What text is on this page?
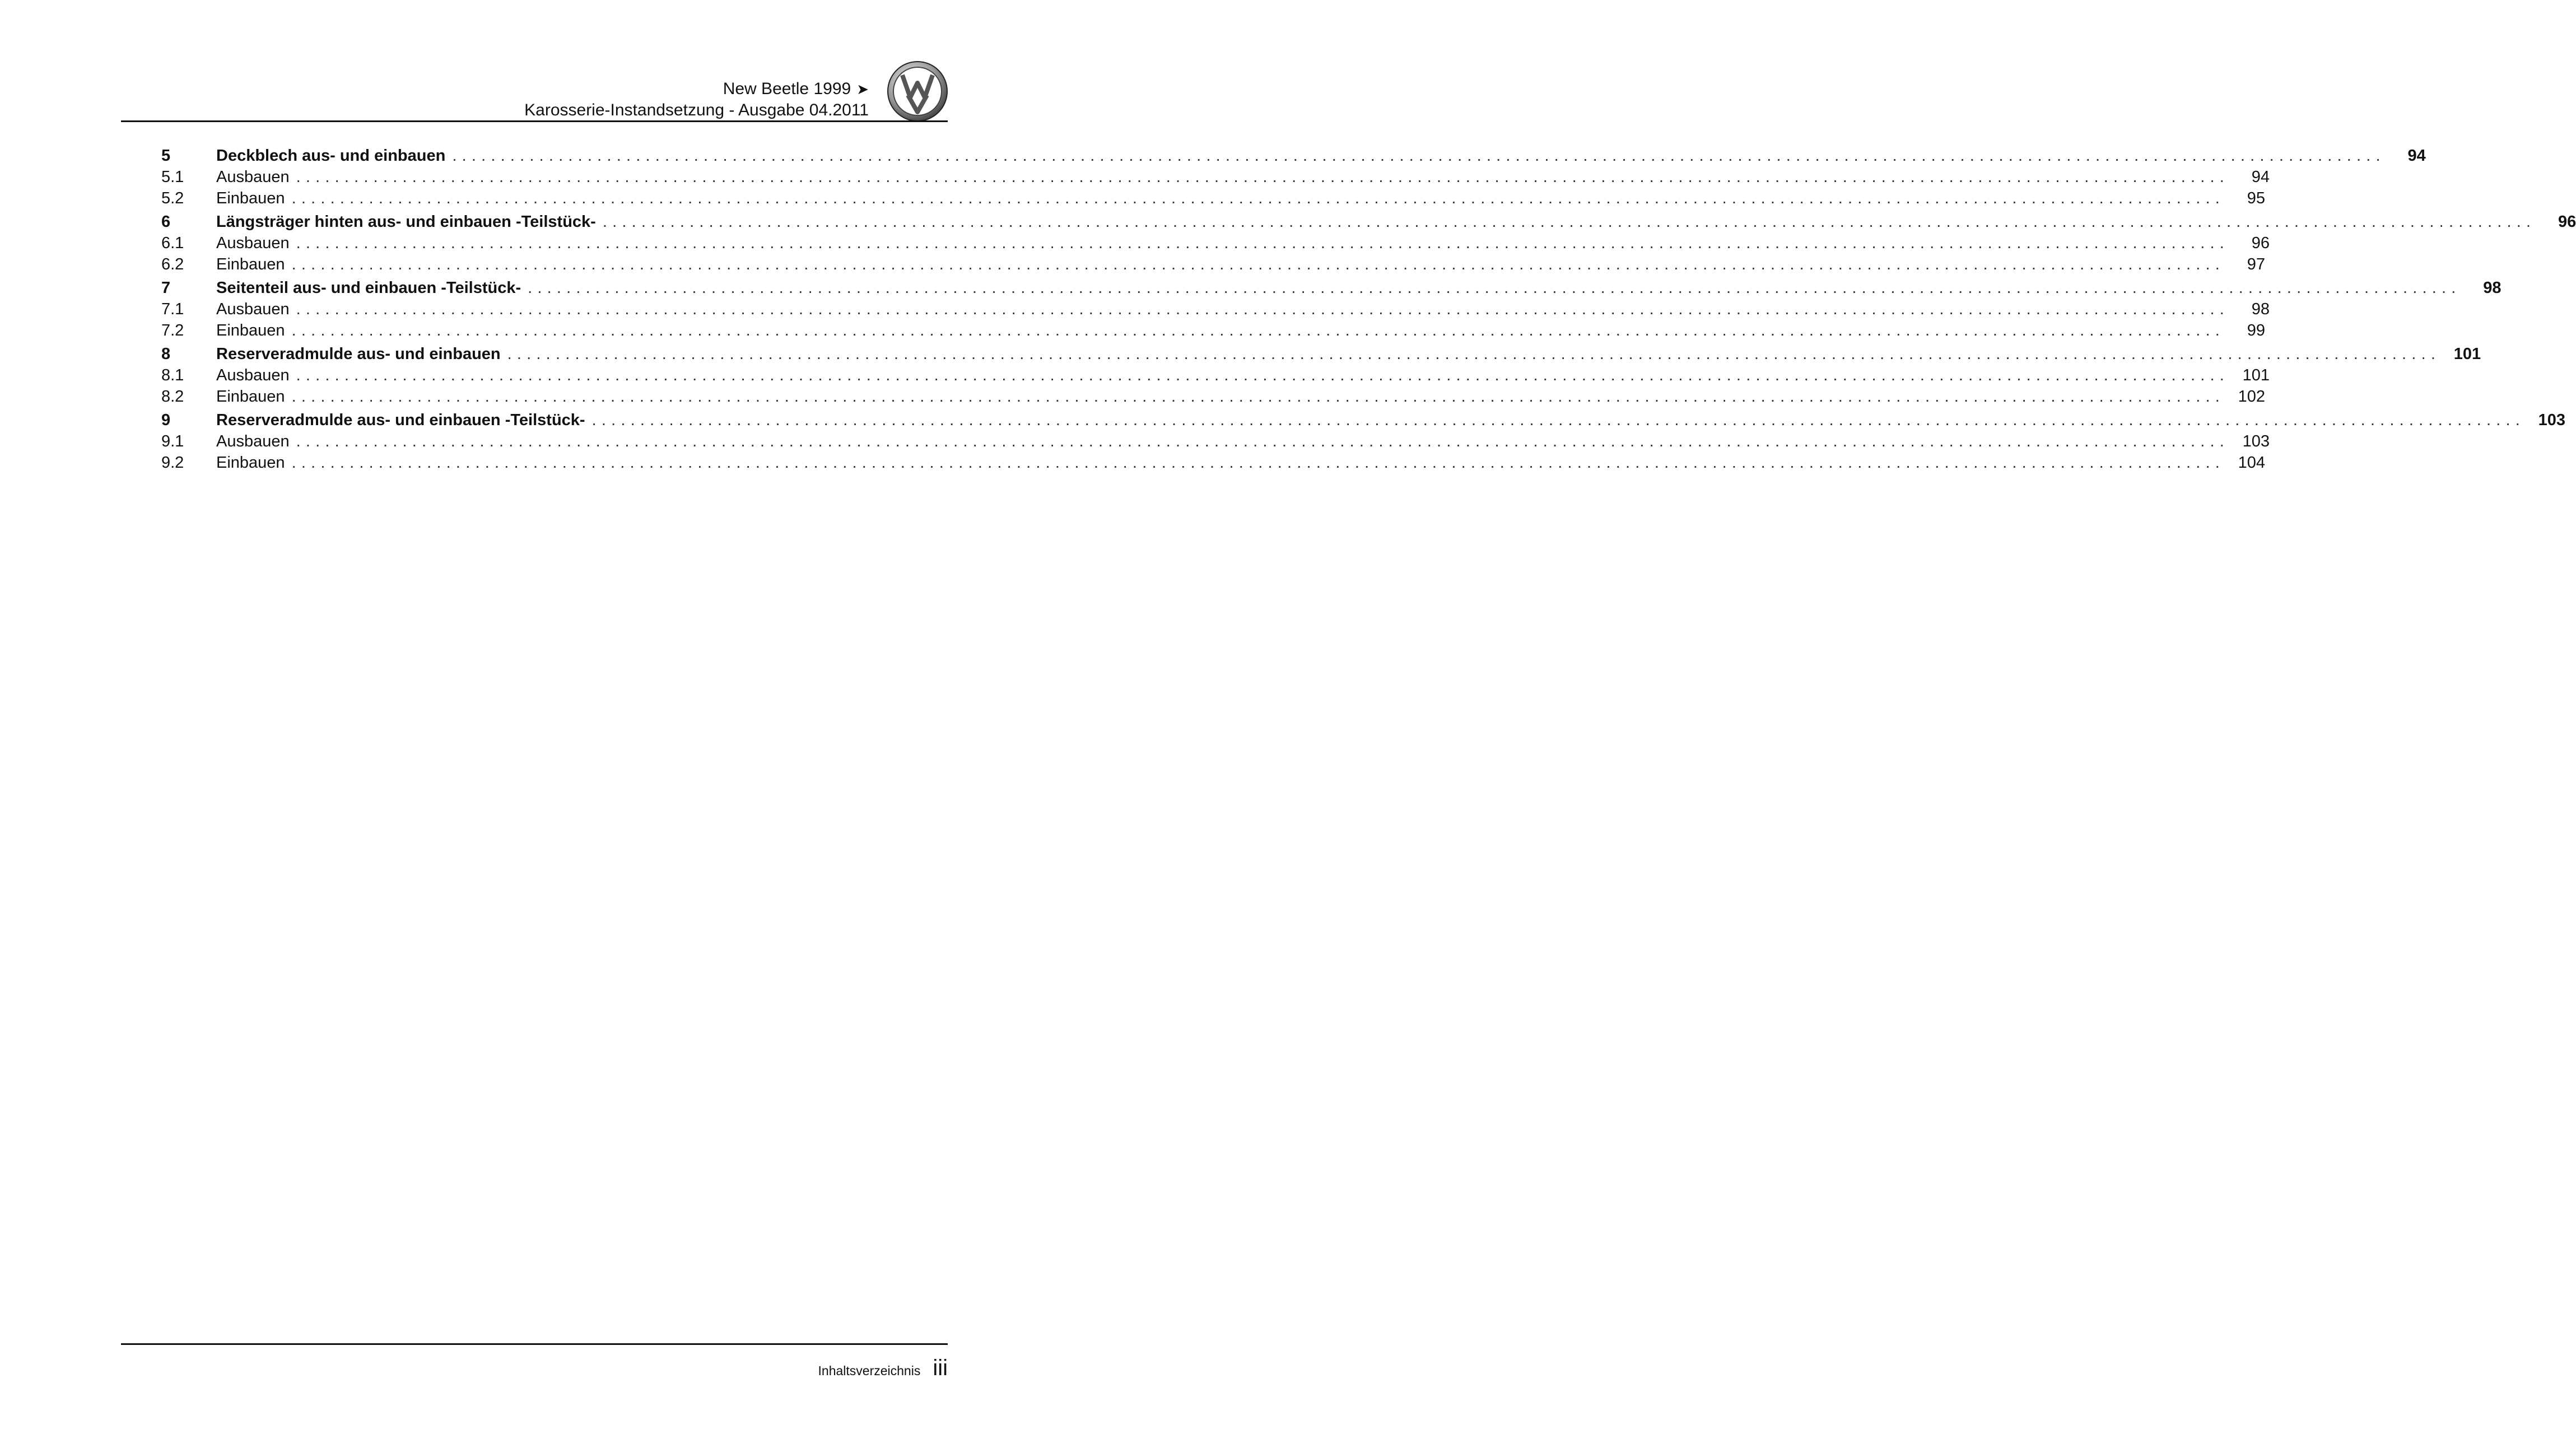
New Beetle 1999 ➤
Karosserie-Instandsetzung - Ausgabe 04.2011
5	Deckblech aus- und einbauen ........................................................................................................................................................................................................	94
5.1	Ausbauen ........................................................................................................................................................................................................	94
5.2	Einbauen ........................................................................................................................................................................................................	95
6	Längsträger hinten aus- und einbauen -Teilstück- ........................................................................................................................................................................................................	96
6.1	Ausbauen ........................................................................................................................................................................................................	96
6.2	Einbauen ........................................................................................................................................................................................................	97
7	Seitenteil aus- und einbauen -Teilstück- ........................................................................................................................................................................................................	98
7.1	Ausbauen ........................................................................................................................................................................................................	98
7.2	Einbauen ........................................................................................................................................................................................................	99
8	Reserveradmulde aus- und einbauen ........................................................................................................................................................................................................ 101
8.1	Ausbauen ........................................................................................................................................................................................................ 101
8.2	Einbauen ........................................................................................................................................................................................................ 102
9	Reserveradmulde aus- und einbauen -Teilstück- ........................................................................................................................................................................................................ 103
9.1	Ausbauen ........................................................................................................................................................................................................ 103
9.2	Einbauen ........................................................................................................................................................................................................ 104
Inhaltsverzeichnis iii
